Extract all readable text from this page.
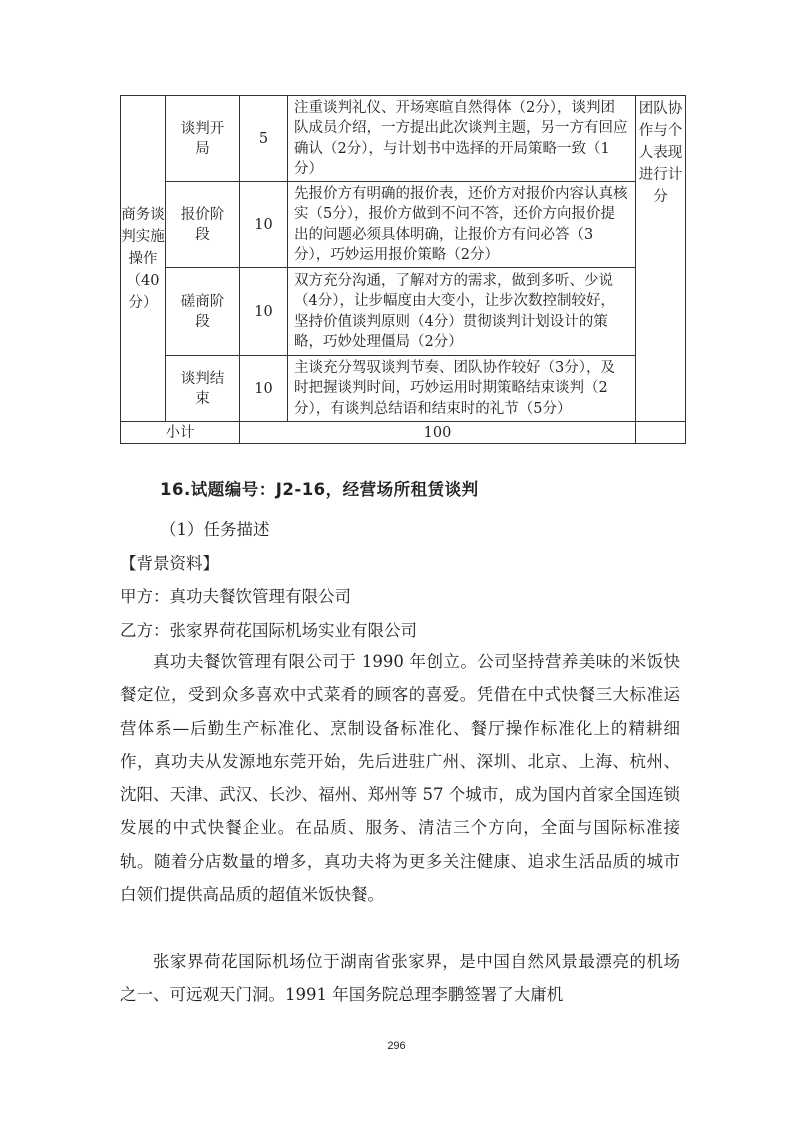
商务谈判实施操作（40分）	谈判开局	5	注重谈判礼仪、开场寒暄自然得体（2分），谈判团队成员介绍，一方提出此次谈判主题，另一方有回应确认（2分），与计划书中选择的开局策略一致（1分）	团队协作与个人表现进行计分
	报价阶段	10	先报价方有明确的报价表，还价方对报价内容认真核实（5分），报价方做到不问不答，还价方向报价提出的问题必须具体明确，让报价方有问必答（3分），巧妙运用报价策略（2分）	
	磋商阶段	10	双方充分沟通，了解对方的需求，做到多听、少说（4分），让步幅度由大变小，让步次数控制较好，坚持价值谈判原则（4分）贯彻谈判计划设计的策略，巧妙处理僵局（2分）	
	谈判结束	10	主谈充分驾驭谈判节奏、团队协作较好（3分），及时把握谈判时间，巧妙运用时期策略结束谈判（2分），有谈判总结语和结束时的礼节（5分）	
小计		100		
16.试题编号：J2-16，经营场所租赁谈判
（1）任务描述
【背景资料】
甲方：真功夫餐饮管理有限公司
乙方：张家界荷花国际机场实业有限公司

真功夫餐饮管理有限公司于 1990 年创立。公司坚持营养美味的米饭快餐定位，受到众多喜欢中式菜肴的顾客的喜爱。凭借在中式快餐三大标准运营体系—后勤生产标准化、烹制设备标准化、餐厅操作标准化上的精耕细作，真功夫从发源地东莞开始，先后进驻广州、深圳、北京、上海、杭州、沈阳、天津、武汉、长沙、福州、郑州等 57 个城市，成为国内首家全国连锁发展的中式快餐企业。在品质、服务、清洁三个方向，全面与国际标准接轨。随着分店数量的增多，真功夫将为更多关注健康、追求生活品质的城市白领们提供高品质的超值米饭快餐。

张家界荷花国际机场位于湖南省张家界，是中国自然风景最漂亮的机场之一、可远观天门洞。1991 年国务院总理李鹏签署了大庸机

296
